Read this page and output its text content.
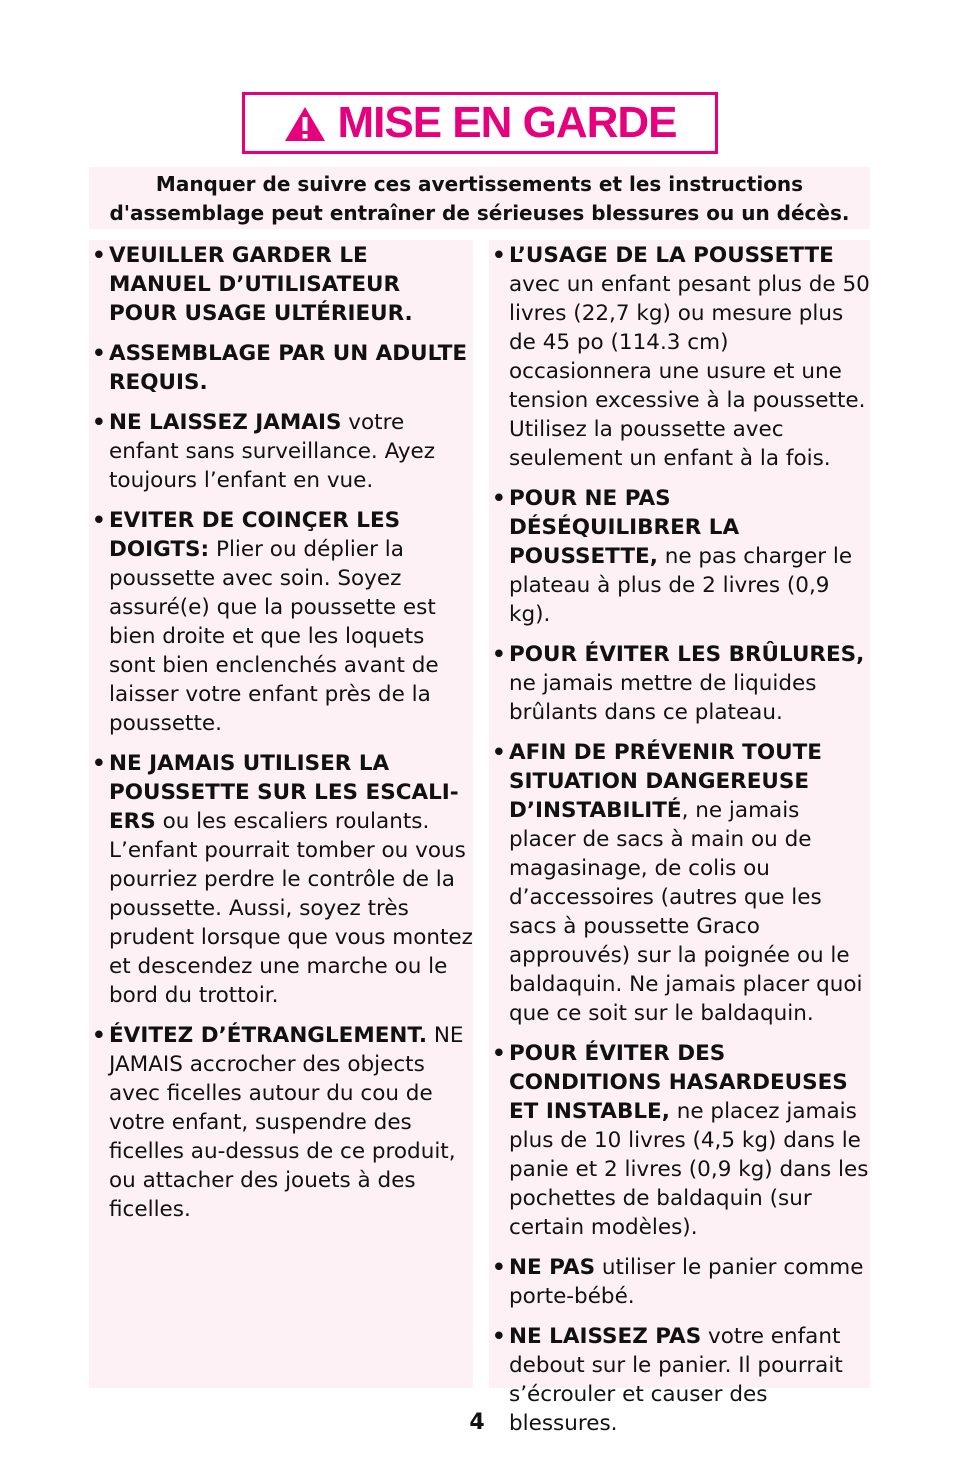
MISE EN GARDE
Manquer de suivre ces avertissements et les instructions
d'assemblage peut entraîner de sérieuses blessures ou un décès.
• VEUILLER GARDER LE MANUEL D’UTILISATEUR POUR USAGE ULTÉRIEUR.
• ASSEMBLAGE PAR UN ADULTE REQUIS.
• NE LAISSEZ JAMAIS votre enfant sans surveillance. Ayez toujours l’enfant en vue.
• EVITER DE COINÇER LES DOIGTS: Plier ou déplier la poussette avec soin. Soyez assuré(e) que la poussette est bien droite et que les loquets sont bien enclenchés avant de laisser votre enfant près de la poussette.
• NE JAMAIS UTILISER LA POUSSETTE SUR LES ESCALI-ERS ou les escaliers roulants. L’enfant pourrait tomber ou vous pourriez perdre le contrôle de la poussette. Aussi, soyez très prudent lorsque que vous montez et descendez une marche ou le bord du trottoir.
• ÉVITEZ D’ÉTRANGLEMENT. NE JAMAIS accrocher des objects avec ficelles autour du cou de votre enfant, suspendre des ficelles au-dessus de ce produit, ou attacher des jouets à des ficelles.
• L’USAGE DE LA POUSSETTE avec un enfant pesant plus de 50 livres (22,7 kg) ou mesure plus de 45 po (114.3 cm) occasionnera une usure et une tension excessive à la poussette. Utilisez la poussette avec seulement un enfant à la fois.
• POUR NE PAS DÉSÉQUILIBRER LA POUSSETTE, ne pas charger le plateau à plus de 2 livres (0,9 kg).
• POUR ÉVITER LES BRÛLURES, ne jamais mettre de liquides brûlants dans ce plateau.
• AFIN DE PRÉVENIR TOUTE SITUATION DANGEREUSE D’INSTABILITÉ, ne jamais placer de sacs à main ou de magasinage, de colis ou d’accessoires (autres que les sacs à poussette Graco approuvés) sur la poignée ou le baldaquin. Ne jamais placer quoi que ce soit sur le baldaquin.
• POUR ÉVITER DES CONDITIONS HASARDEUSES ET INSTABLE, ne placez jamais plus de 10 livres (4,5 kg) dans le panie et 2 livres (0,9 kg) dans les pochettes de baldaquin (sur certain modèles).
• NE PAS utiliser le panier comme porte-bébé.
• NE LAISSEZ PAS votre enfant debout sur le panier. Il pourrait s’écrouler et causer des blessures.
4
